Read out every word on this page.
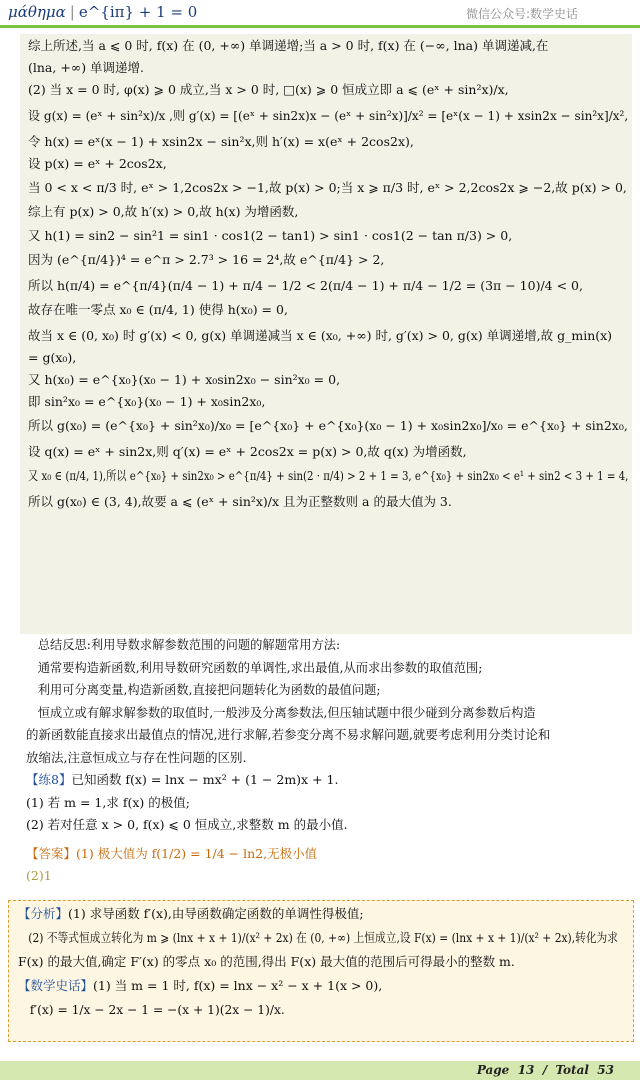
μάθημα | e^{iπ} + 1 = 0	微信公众号:数学史话
综上所述,当 a ⩽ 0 时, f(x) 在 (0, +∞) 单调递增;当 a > 0 时, f(x) 在 (−∞, lna) 单调递减,在
(lna, +∞) 单调递增.
(2) 当 x = 0 时, φ(x) ⩾ 0 成立,当 x > 0 时, □(x) ⩾ 0 恒成立即 a ⩽ (eˣ + sin²x)/x,
设 g(x) = (eˣ + sin²x)/x ,则 g′(x) = [(eˣ + sin2x)x − (eˣ + sin²x)]/x² = [eˣ(x − 1) + xsin2x − sin²x]/x²,
令 h(x) = eˣ(x − 1) + xsin2x − sin²x,则 h′(x) = x(eˣ + 2cos2x),
设 p(x) = eˣ + 2cos2x,
当 0 < x < π/3 时, eˣ > 1,2cos2x > −1,故 p(x) > 0;当 x ⩾ π/3 时, eˣ > 2,2cos2x ⩾ −2,故 p(x) > 0,
综上有 p(x) > 0,故 h′(x) > 0,故 h(x) 为增函数,
又 h(1) = sin2 − sin²1 = sin1 · cos1(2 − tan1) > sin1 · cos1(2 − tan π/3) > 0,
因为 (e^{π/4})⁴ = e^π > 2.7³ > 16 = 2⁴,故 e^{π/4} > 2,
所以 h(π/4) = e^{π/4}(π/4 − 1) + π/4 − 1/2 < 2(π/4 − 1) + π/4 − 1/2 = (3π − 10)/4 < 0,
故存在唯一零点 x₀ ∈ (π/4, 1) 使得 h(x₀) = 0,
故当 x ∈ (0, x₀) 时 g′(x) < 0, g(x) 单调递减当 x ∈ (x₀, +∞) 时, g′(x) > 0, g(x) 单调递增,故 g_min(x)
= g(x₀),
又 h(x₀) = e^{x₀}(x₀ − 1) + x₀sin2x₀ − sin²x₀ = 0,
即 sin²x₀ = e^{x₀}(x₀ − 1) + x₀sin2x₀,
所以 g(x₀) = (e^{x₀} + sin²x₀)/x₀ = [e^{x₀} + e^{x₀}(x₀ − 1) + x₀sin2x₀]/x₀ = e^{x₀} + sin2x₀,
设 q(x) = eˣ + sin2x,则 q′(x) = eˣ + 2cos2x = p(x) > 0,故 q(x) 为增函数,
又 x₀ ∈ (π/4, 1),所以 e^{x₀} + sin2x₀ > e^{π/4} + sin(2 · π/4) > 2 + 1 = 3, e^{x₀} + sin2x₀ < e¹ + sin2 < 3 + 1 = 4,
所以 g(x₀) ∈ (3, 4),故要 a ⩽ (eˣ + sin²x)/x 且为正整数则 a 的最大值为 3.
总结反思:利用导数求解参数范围的问题的解题常用方法:
通常要构造新函数,利用导数研究函数的单调性,求出最值,从而求出参数的取值范围;
利用可分离变量,构造新函数,直接把问题转化为函数的最值问题;
恒成立或有解求解参数的取值时,一般涉及分离参数法,但压轴试题中很少碰到分离参数后构造
的新函数能直接求出最值点的情况,进行求解,若参变分离不易求解问题,就要考虑利用分类讨论和
放缩法,注意恒成立与存在性问题的区别.
【练8】已知函数 f(x) = lnx − mx² + (1 − 2m)x + 1.
(1) 若 m = 1,求 f(x) 的极值;
(2) 若对任意 x > 0, f(x) ⩽ 0 恒成立,求整数 m 的最小值.
【答案】(1) 极大值为 f(1/2) = 1/4 − ln2,无极小值
(2)1
【分析】(1) 求导函数 f′(x),由导函数确定函数的单调性得极值;
(2) 不等式恒成立转化为 m ⩾ (lnx + x + 1)/(x² + 2x) 在 (0, +∞) 上恒成立,设 F(x) = (lnx + x + 1)/(x² + 2x),转化为求
F(x) 的最大值,确定 F′(x) 的零点 x₀ 的范围,得出 F(x) 最大值的范围后可得最小的整数 m.
【数学史话】(1) 当 m = 1 时, f(x) = lnx − x² − x + 1(x > 0),
f′(x) = 1/x − 2x − 1 = −(x + 1)(2x − 1)/x.
Page 13 / Total 53
